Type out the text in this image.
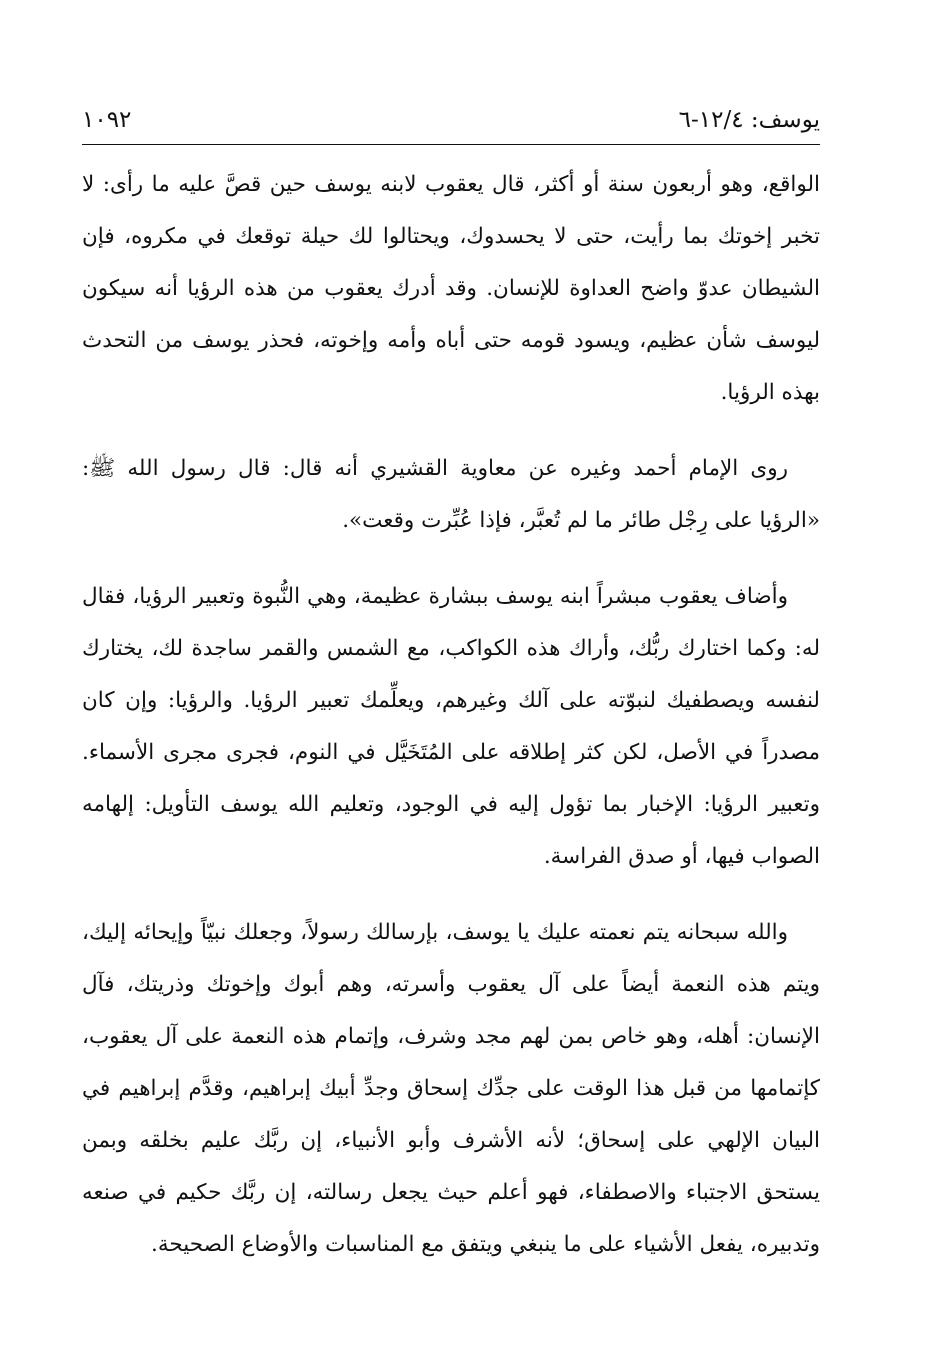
يوسف: ١٢/٤-٦
١٠٩٢

الواقع، وهو أربعون سنة أو أكثر، قال يعقوب لابنه يوسف حين قصَّ عليه ما رأى: لا تخبر إخوتك بما رأيت، حتى لا يحسدوك، ويحتالوا لك حيلة توقعك في مكروه، فإن الشيطان عدوّ واضح العداوة للإنسان. وقد أدرك يعقوب من هذه الرؤيا أنه سيكون ليوسف شأن عظيم، ويسود قومه حتى أباه وأمه وإخوته، فحذر يوسف من التحدث بهذه الرؤيا.

روى الإمام أحمد وغيره عن معاوية القشيري أنه قال: قال رسول الله ﷺ: «الرؤيا على رِجْل طائر ما لم تُعبَّر، فإذا عُبِّرت وقعت».

وأضاف يعقوب مبشراً ابنه يوسف ببشارة عظيمة، وهي النُّبوة وتعبير الرؤيا، فقال له: وكما اختارك ربُّك، وأراك هذه الكواكب، مع الشمس والقمر ساجدة لك، يختارك لنفسه ويصطفيك لنبوّته على آلك وغيرهم، ويعلِّمك تعبير الرؤيا. والرؤيا: وإن كان مصدراً في الأصل، لكن كثر إطلاقه على المُتَخَيَّل في النوم، فجرى مجرى الأسماء. وتعبير الرؤيا: الإخبار بما تؤول إليه في الوجود، وتعليم الله يوسف التأويل: إلهامه الصواب فيها، أو صدق الفراسة.

والله سبحانه يتم نعمته عليك يا يوسف، بإرسالك رسولاً، وجعلك نبيّاً وإيحائه إليك، ويتم هذه النعمة أيضاً على آل يعقوب وأسرته، وهم أبوك وإخوتك وذريتك، فآل الإنسان: أهله، وهو خاص بمن لهم مجد وشرف، وإتمام هذه النعمة على آل يعقوب، كإتمامها من قبل هذا الوقت على جدِّك إسحاق وجدِّ أبيك إبراهيم، وقدَّم إبراهيم في البيان الإلهي على إسحاق؛ لأنه الأشرف وأبو الأنبياء، إن ربَّك عليم بخلقه وبمن يستحق الاجتباء والاصطفاء، فهو أعلم حيث يجعل رسالته، إن ربَّك حكيم في صنعه وتدبيره، يفعل الأشياء على ما ينبغي ويتفق مع المناسبات والأوضاع الصحيحة.
